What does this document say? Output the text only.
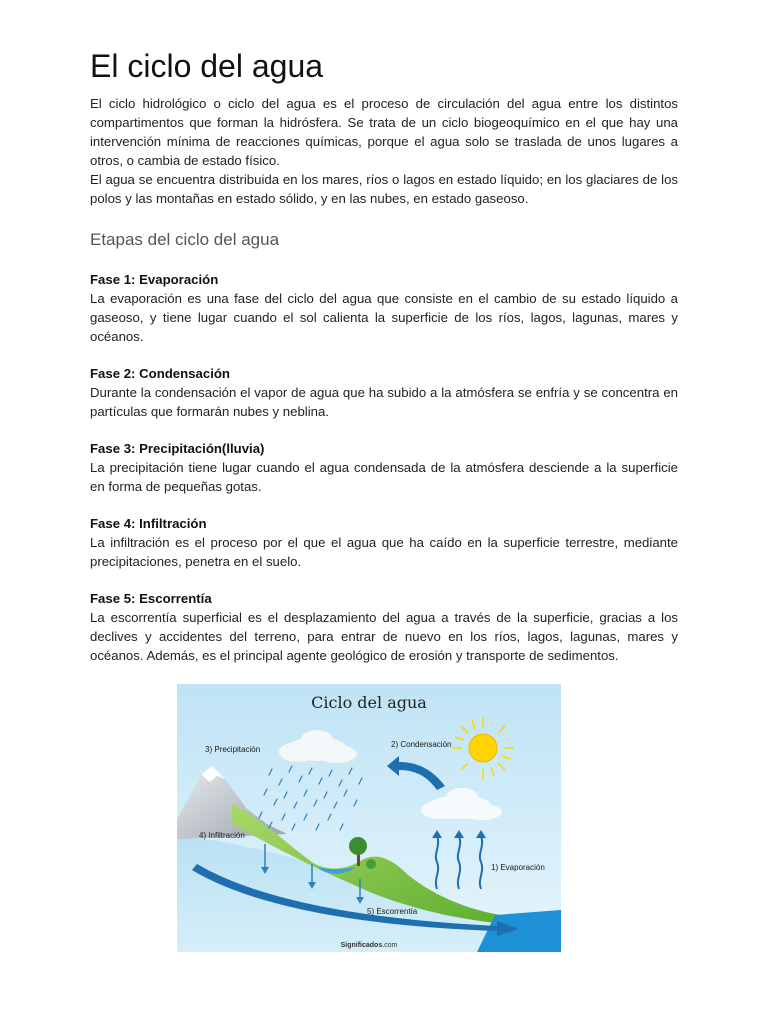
El ciclo del agua

El ciclo hidrológico o ciclo del agua es el proceso de circulación del agua entre los distintos compartimentos que forman la hidrósfera. Se trata de un ciclo biogeoquímico en el que hay una intervención mínima de reacciones químicas, porque el agua solo se traslada de unos lugares a otros, o cambia de estado físico.

El agua se encuentra distribuida en los mares, ríos o lagos en estado líquido; en los glaciares de los polos y las montañas en estado sólido, y en las nubes, en estado gaseoso.

Etapas del ciclo del agua
Fase 1: Evaporación

La evaporación es una fase del ciclo del agua que consiste en el cambio de su estado líquido a gaseoso, y tiene lugar cuando el sol calienta la superficie de los ríos, lagos, lagunas, mares y océanos.

Fase 2: Condensación

Durante la condensación el vapor de agua que ha subido a la atmósfera se enfría y se concentra en partículas que formarán nubes y neblina.

Fase 3: Precipitación(lluvia)

La precipitación tiene lugar cuando el agua condensada de la atmósfera desciende a la superficie en forma de pequeñas gotas.

Fase 4: Infiltración

La infiltración es el proceso por el que el agua que ha caído en la superficie terrestre, mediante precipitaciones, penetra en el suelo.

Fase 5: Escorrentía

La escorrentía superficial es el desplazamiento del agua a través de la superficie, gracias a los declives y accidentes del terreno, para entrar de nuevo en los ríos, lagos, lagunas, mares y océanos. Además, es el principal agente geológico de erosión y transporte de sedimentos.

Ciclo del agua
3) Precipitación
2) Condensación
4) Infiltración
1) Evaporación
5) Escorrentía
Significados.com
